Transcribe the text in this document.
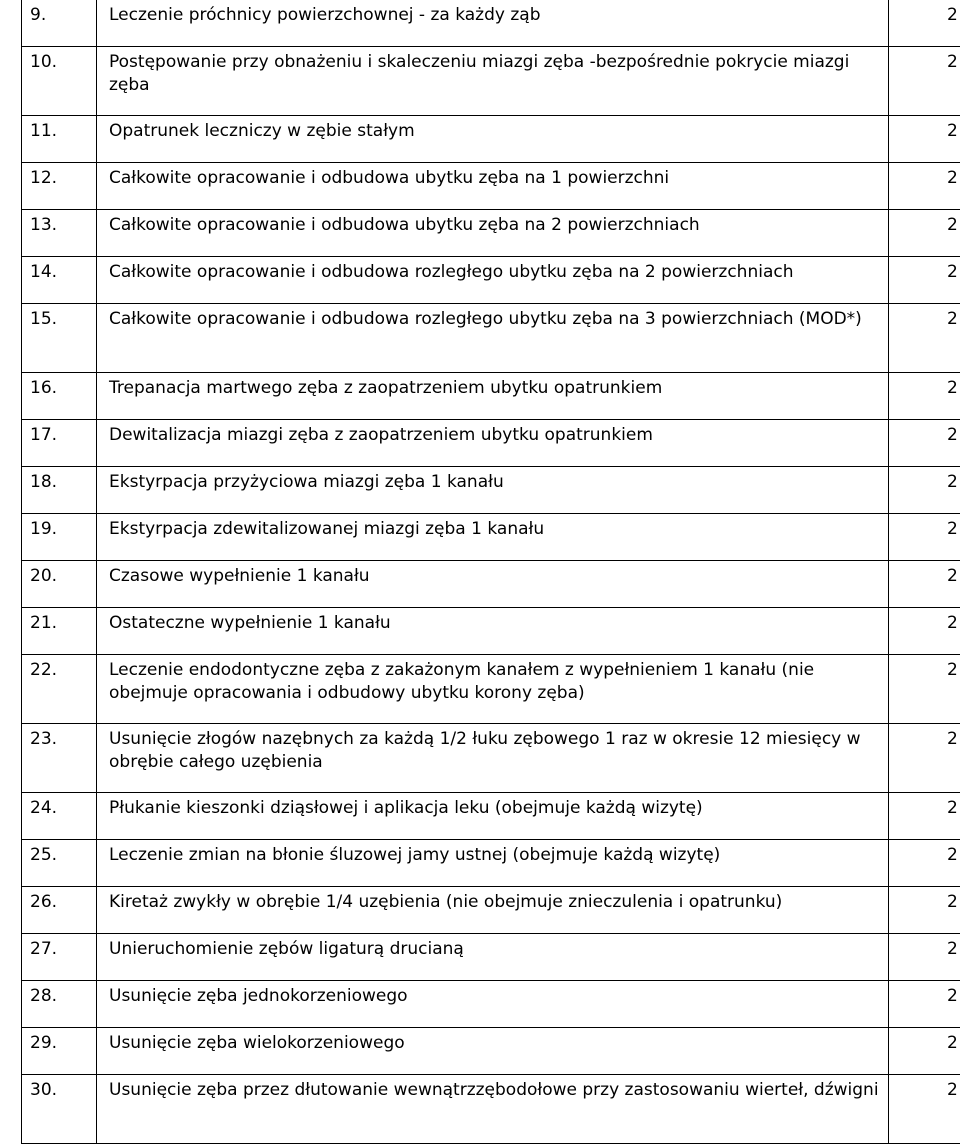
9.	Leczenie próchnicy powierzchownej - za każdy ząb	2
10.	Postępowanie przy obnażeniu i skaleczeniu miazgi zęba -bezpośrednie pokrycie miazgi zęba	2
11.	Opatrunek leczniczy w zębie stałym	2
12.	Całkowite opracowanie i odbudowa ubytku zęba na 1 powierzchni	2
13.	Całkowite opracowanie i odbudowa ubytku zęba na 2 powierzchniach	2
14.	Całkowite opracowanie i odbudowa rozległego ubytku zęba na 2 powierzchniach	2
15.	Całkowite opracowanie i odbudowa rozległego ubytku zęba na 3 powierzchniach (MOD*)	2
16.	Trepanacja martwego zęba z zaopatrzeniem ubytku opatrunkiem	2
17.	Dewitalizacja miazgi zęba z zaopatrzeniem ubytku opatrunkiem	2
18.	Ekstyrpacja przyżyciowa miazgi zęba 1 kanału	2
19.	Ekstyrpacja zdewitalizowanej miazgi zęba 1 kanału	2
20.	Czasowe wypełnienie 1 kanału	2
21.	Ostateczne wypełnienie 1 kanału	2
22.	Leczenie endodontyczne zęba z zakażonym kanałem z wypełnieniem 1 kanału (nie obejmuje opracowania i odbudowy ubytku korony zęba)	2
23.	Usunięcie złogów nazębnych za każdą 1/2 łuku zębowego 1 raz w okresie 12 miesięcy w obrębie całego uzębienia	2
24.	Płukanie kieszonki dziąsłowej i aplikacja leku (obejmuje każdą wizytę)	2
25.	Leczenie zmian na błonie śluzowej jamy ustnej (obejmuje każdą wizytę)	2
26.	Kiretaż zwykły w obrębie 1/4 uzębienia (nie obejmuje znieczulenia i opatrunku)	2
27.	Unieruchomienie zębów ligaturą drucianą	2
28.	Usunięcie zęba jednokorzeniowego	2
29.	Usunięcie zęba wielokorzeniowego	2
30.	Usunięcie zęba przez dłutowanie wewnątrzzębodołowe przy zastosowaniu wierteł, dźwigni	2
